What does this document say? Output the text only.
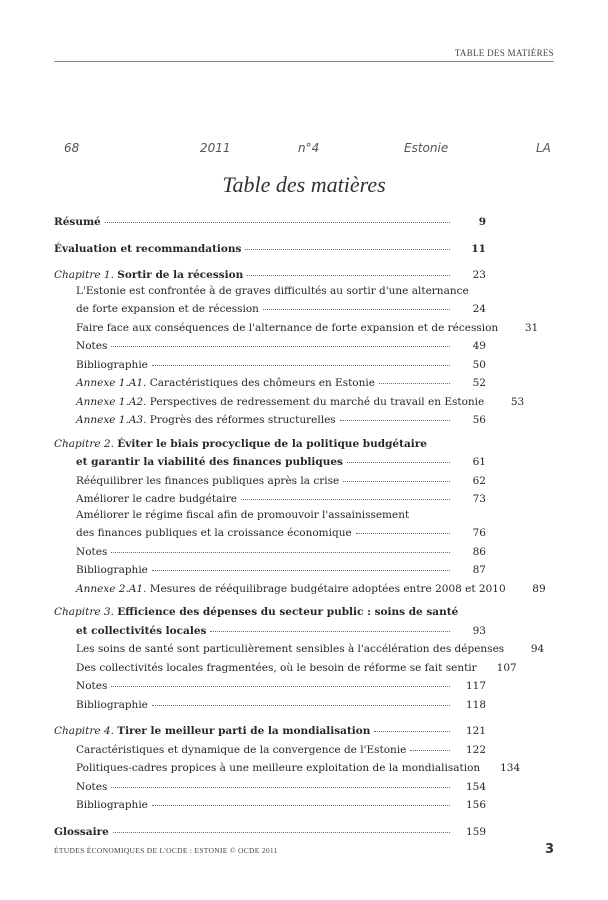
TABLE DES MATIÈRES
68	2011	n°4	Estonie	LA
Table des matières
Résumé	9
Évaluation et recommandations	11
Chapitre 1. Sortir de la récession	23
L'Estonie est confrontée à de graves difficultés au sortir d'une alternance
de forte expansion et de récession	24
Faire face aux conséquences de l'alternance de forte expansion et de récession	31
Notes	49
Bibliographie	50
Annexe 1.A1. Caractéristiques des chômeurs en Estonie	52
Annexe 1.A2. Perspectives de redressement du marché du travail en Estonie	53
Annexe 1.A3. Progrès des réformes structurelles	56
Chapitre 2. Éviter le biais procyclique de la politique budgétaire
et garantir la viabilité des finances publiques	61
Rééquilibrer les finances publiques après la crise	62
Améliorer le cadre budgétaire	73
Améliorer le régime fiscal afin de promouvoir l'assainissement
des finances publiques et la croissance économique	76
Notes	86
Bibliographie	87
Annexe 2.A1. Mesures de rééquilibrage budgétaire adoptées entre 2008 et 2010	89
Chapitre 3. Efficience des dépenses du secteur public : soins de santé
et collectivités locales	93
Les soins de santé sont particulièrement sensibles à l'accélération des dépenses	94
Des collectivités locales fragmentées, où le besoin de réforme se fait sentir	107
Notes	117
Bibliographie	118
Chapitre 4. Tirer le meilleur parti de la mondialisation	121
Caractéristiques et dynamique de la convergence de l'Estonie	122
Politiques-cadres propices à une meilleure exploitation de la mondialisation	134
Notes	154
Bibliographie	156
Glossaire	159
ÉTUDES ÉCONOMIQUES DE L'OCDE : ESTONIE © OCDE 2011	3
